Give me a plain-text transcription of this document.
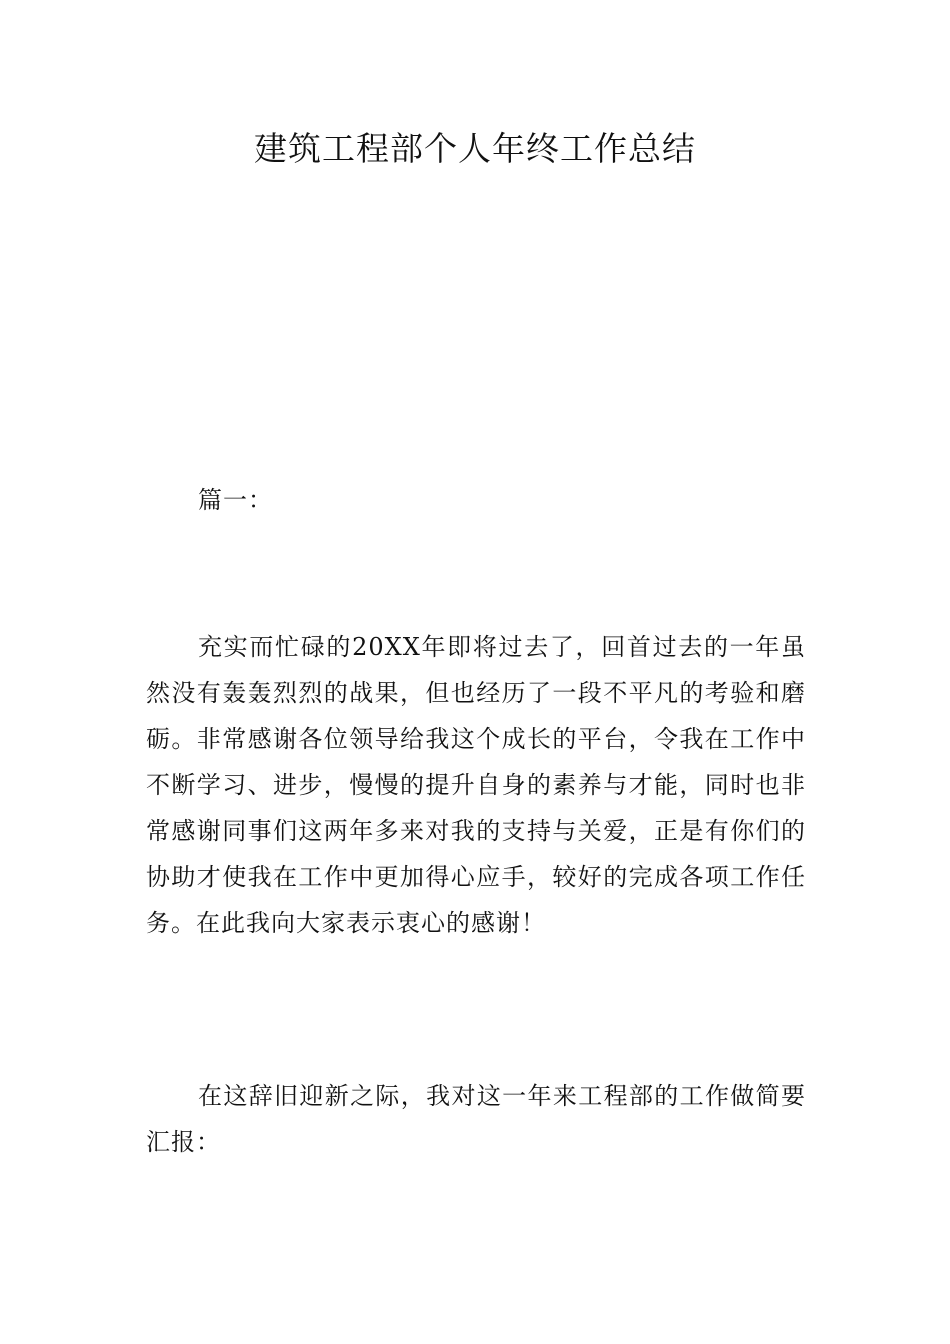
建筑工程部个人年终工作总结

篇一：

充实而忙碌的20XX年即将过去了，回首过去的一年虽然没有轰轰烈烈的战果，但也经历了一段不平凡的考验和磨砺。非常感谢各位领导给我这个成长的平台，令我在工作中不断学习、进步，慢慢的提升自身的素养与才能，同时也非常感谢同事们这两年多来对我的支持与关爱，正是有你们的协助才使我在工作中更加得心应手，较好的完成各项工作任务。在此我向大家表示衷心的感谢！

在这辞旧迎新之际，我对这一年来工程部的工作做简要汇报：
